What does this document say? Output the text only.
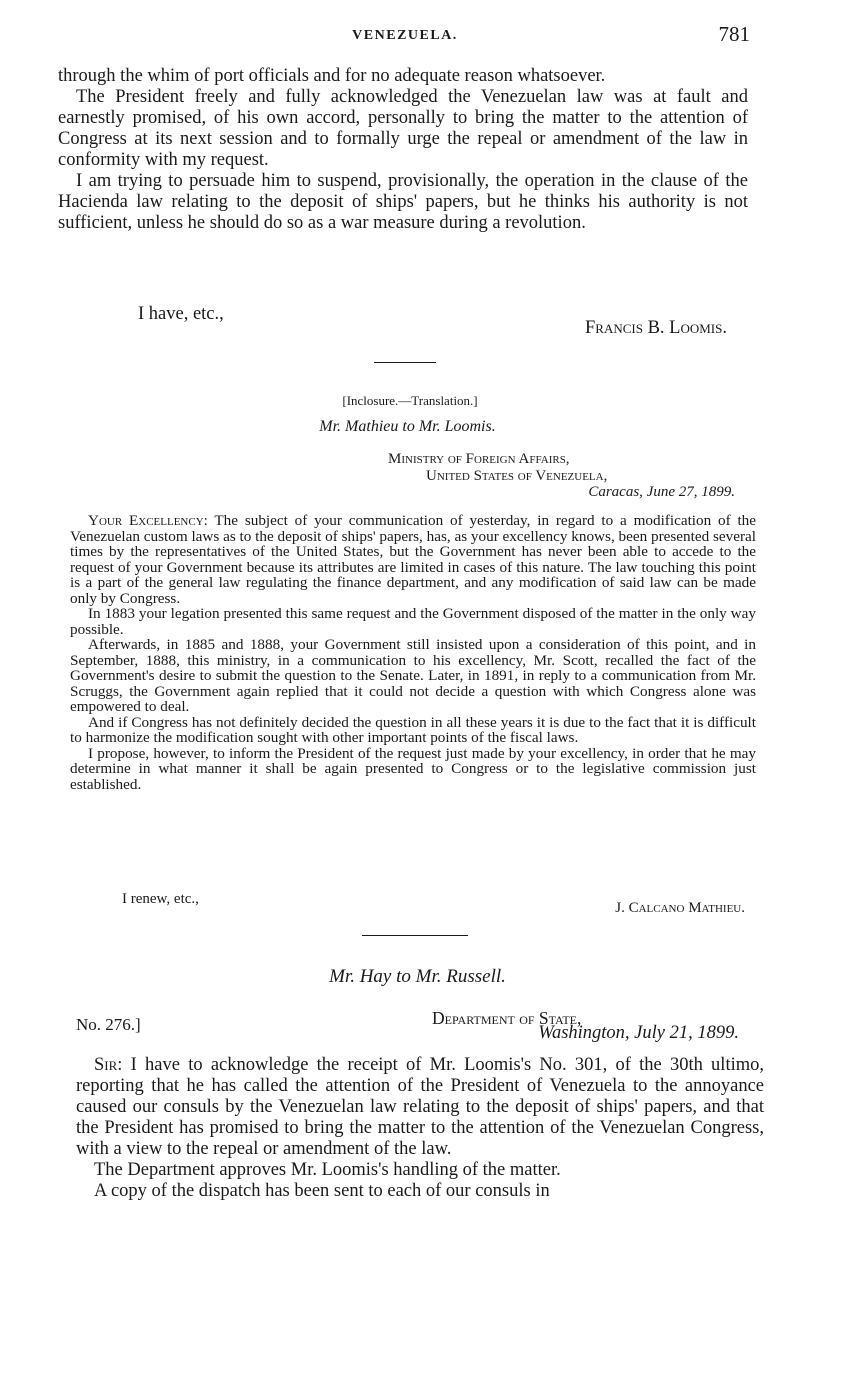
VENEZUELA.	781

through the whim of port officials and for no adequate reason whatsoever.

The President freely and fully acknowledged the Venezuelan law was at fault and earnestly promised, of his own accord, personally to bring the matter to the attention of Congress at its next session and to formally urge the repeal or amendment of the law in conformity with my request.

I am trying to persuade him to suspend, provisionally, the operation in the clause of the Hacienda law relating to the deposit of ships' papers, but he thinks his authority is not sufficient, unless he should do so as a war measure during a revolution.

I have, etc.,
Francis B. Loomis.
[Inclosure.—Translation.]
Mr. Mathieu to Mr. Loomis.
Ministry of Foreign Affairs,
United States of Venezuela,
Caracas, June 27, 1899.

Your Excellency: The subject of your communication of yesterday, in regard to a modification of the Venezuelan custom laws as to the deposit of ships' papers, has, as your excellency knows, been presented several times by the representatives of the United States, but the Government has never been able to accede to the request of your Government because its attributes are limited in cases of this nature. The law touching this point is a part of the general law regulating the finance department, and any modification of said law can be made only by Congress.

In 1883 your legation presented this same request and the Government disposed of the matter in the only way possible.

Afterwards, in 1885 and 1888, your Government still insisted upon a consideration of this point, and in September, 1888, this ministry, in a communication to his excellency, Mr. Scott, recalled the fact of the Government's desire to submit the question to the Senate. Later, in 1891, in reply to a communication from Mr. Scruggs, the Government again replied that it could not decide a question with which Congress alone was empowered to deal.

And if Congress has not definitely decided the question in all these years it is due to the fact that it is difficult to harmonize the modification sought with other important points of the fiscal laws.

I propose, however, to inform the President of the request just made by your excellency, in order that he may determine in what manner it shall be again presented to Congress or to the legislative commission just established.

I renew, etc.,
J. Calcano Mathieu.
Mr. Hay to Mr. Russell.
No. 276.]	Department of State,
Washington, July 21, 1899.

Sir: I have to acknowledge the receipt of Mr. Loomis's No. 301, of the 30th ultimo, reporting that he has called the attention of the President of Venezuela to the annoyance caused our consuls by the Venezuelan law relating to the deposit of ships' papers, and that the President has promised to bring the matter to the attention of the Venezuelan Congress, with a view to the repeal or amendment of the law.

The Department approves Mr. Loomis's handling of the matter.

A copy of the dispatch has been sent to each of our consuls in
